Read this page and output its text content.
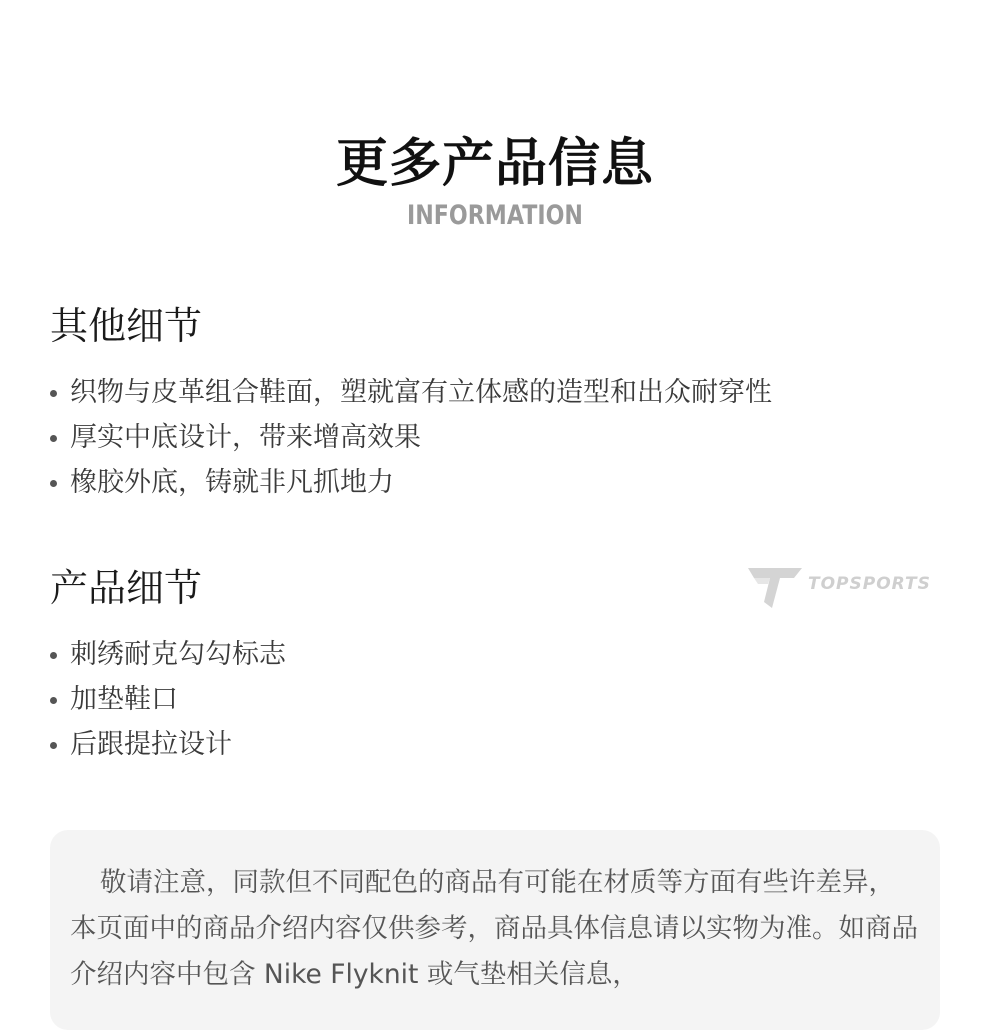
更多产品信息
INFORMATION
其他细节
织物与皮革组合鞋面，塑就富有立体感的造型和出众耐穿性
厚实中底设计，带来增高效果
橡胶外底，铸就非凡抓地力
产品细节
刺绣耐克勾勾标志
加垫鞋口
后跟提拉设计
TOPSPORTS

敬请注意，同款但不同配色的商品有可能在材质等方面有些许差异，本页面中的商品介绍内容仅供参考，商品具体信息请以实物为准。如商品介绍内容中包含 Nike Flyknit 或气垫相关信息，
